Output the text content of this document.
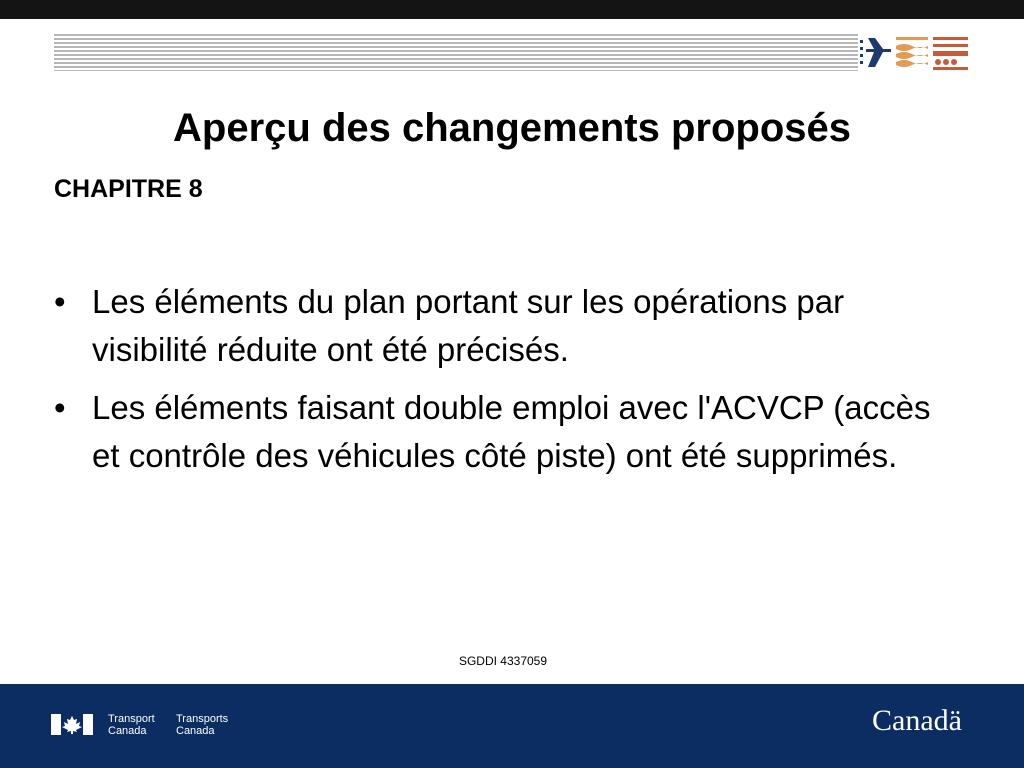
Aperçu des changements proposés
CHAPITRE 8
• Les éléments du plan portant sur les opérations par visibilité réduite ont été précisés.
• Les éléments faisant double emploi avec l'ACVCP (accès et contrôle des véhicules côté piste) ont été supprimés.
SGDDI 4337059
Transport
Canada
Transports
Canada	Canadä
